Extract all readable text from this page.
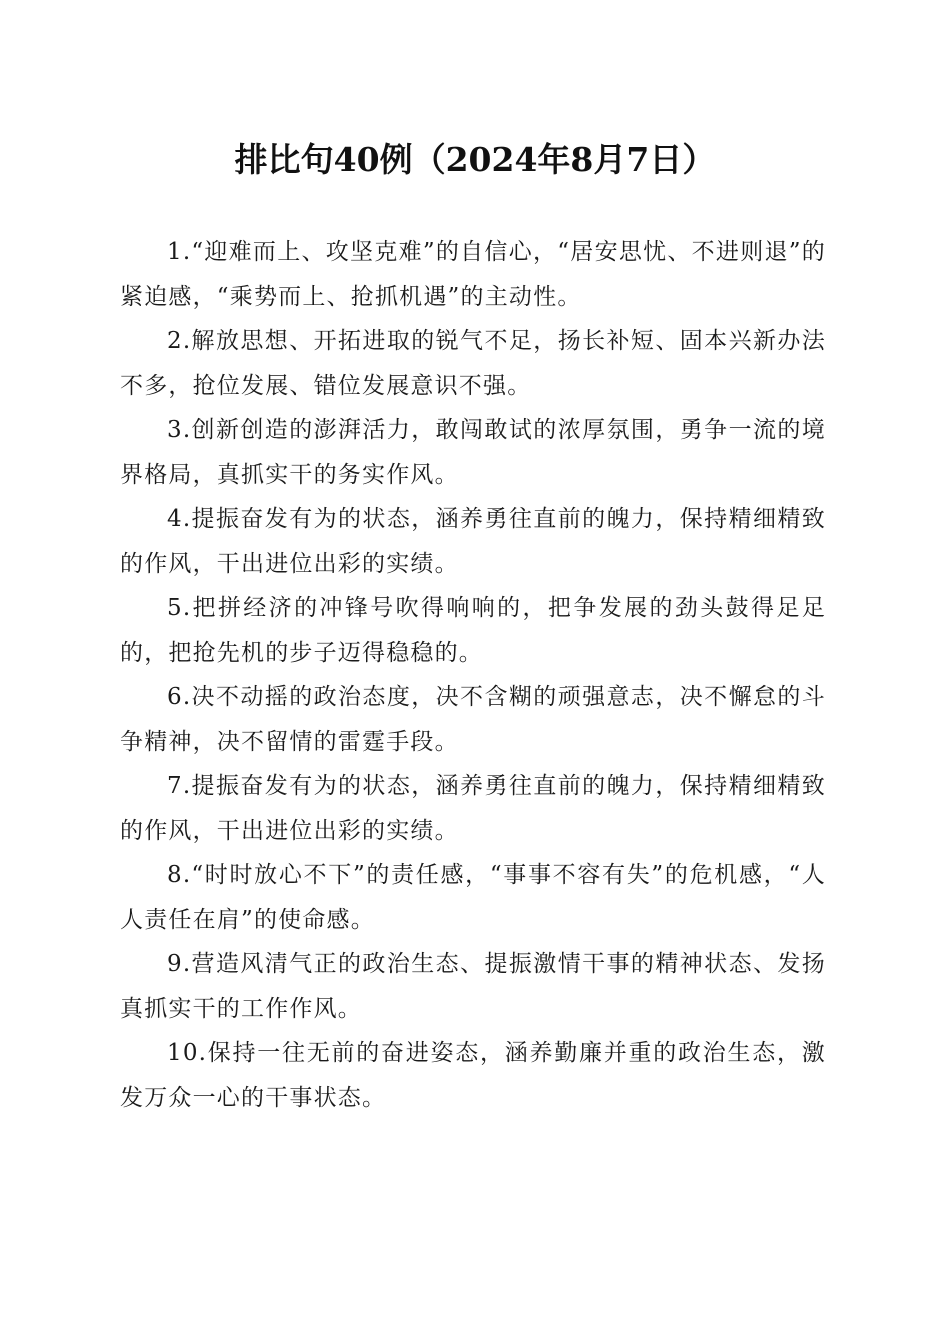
排比句40例（2024年8月7日）

1.“迎难而上、攻坚克难”的自信心，“居安思忧、不进则退”的紧迫感，“乘势而上、抢抓机遇”的主动性。

2.解放思想、开拓进取的锐气不足，扬长补短、固本兴新办法不多，抢位发展、错位发展意识不强。

3.创新创造的澎湃活力，敢闯敢试的浓厚氛围，勇争一流的境界格局，真抓实干的务实作风。

4.提振奋发有为的状态，涵养勇往直前的魄力，保持精细精致的作风，干出进位出彩的实绩。

5.把拼经济的冲锋号吹得响响的，把争发展的劲头鼓得足足的，把抢先机的步子迈得稳稳的。

6.决不动摇的政治态度，决不含糊的顽强意志，决不懈怠的斗争精神，决不留情的雷霆手段。

7.提振奋发有为的状态，涵养勇往直前的魄力，保持精细精致的作风，干出进位出彩的实绩。

8.“时时放心不下”的责任感，“事事不容有失”的危机感，“人人责任在肩”的使命感。

9.营造风清气正的政治生态、提振激情干事的精神状态、发扬真抓实干的工作作风。

10.保持一往无前的奋进姿态，涵养勤廉并重的政治生态，激发万众一心的干事状态。
